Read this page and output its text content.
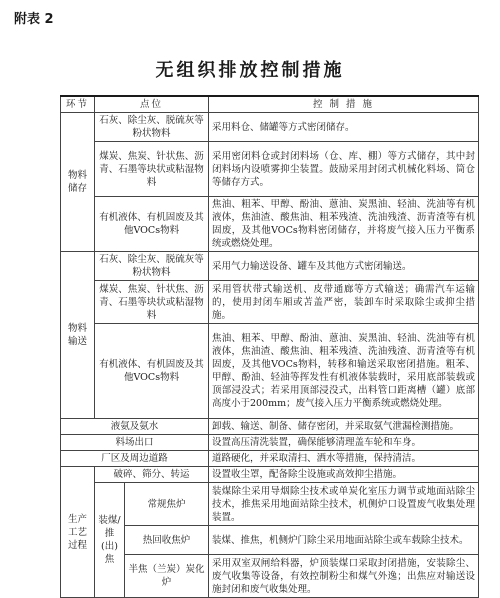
附表 2
无组织排放控制措施
环节	点位		控 制 措 施
物料储存	石灰、除尘灰、脱硫灰等粉状物料		采用料仓、储罐等方式密闭储存。
	煤炭、焦炭、针状焦、沥青、石墨等块状或粘湿物料		采用密闭料仓或封闭料场（仓、库、棚）等方式储存，其中封闭料场内设喷雾抑尘装置。鼓励采用封闭式机械化料场、筒仓等储存方式。
	有机液体、有机固废及其他VOCs物料		焦油、粗苯、甲醇、酚油、蒽油、炭黑油、轻油、洗油等有机液体，焦油渣、酸焦油、粗苯残渣、洗油残渣、沥青渣等有机固废，及其他VOCs物料密闭储存，并将废气接入压力平衡系统或燃烧处理。
物料输送	石灰、除尘灰、脱硫灰等粉状物料		采用气力输送设备、罐车及其他方式密闭输送。
	煤炭、焦炭、针状焦、沥青、石墨等块状或粘湿物料		采用管状带式输送机、皮带通廊等方式输送；确需汽车运输的，使用封闭车厢或苫盖严密，装卸车时采取除尘或抑尘措施。
	有机液体、有机固废及其他VOCs物料		焦油、粗苯、甲醇、酚油、蒽油、炭黑油、轻油、洗油等有机液体，焦油渣、酸焦油、粗苯残渣、洗油残渣、沥青渣等有机固废，及其他VOCs物料，转移和输送采取密闭措施。粗苯、甲醇、酚油、轻油等挥发性有机液体装载时，采用底部装载或顶部浸没式；若采用顶部浸没式，出料管口距离槽（罐）底部高度小于200mm；废气接入压力平衡系统或燃烧处理。
液氨及氨水			卸载、输送、制备、储存密闭，并采取氨气泄漏检测措施。
料场出口			设置高压清洗装置，确保能够清理盖车轮和车身。
厂区及周边道路			道路硬化，并采取清扫、洒水等措施，保持清洁。
生产工艺过程	破碎、筛分、转运		设置收尘罩，配备除尘设施或高效抑尘措施。
	装煤/推(出)焦	常规焦炉	装煤除尘采用导烟除尘技术或单炭化室压力调节或地面站除尘技术，推焦采用地面站除尘技术，机侧炉口设置废气收集处理装置。
		热回收焦炉	装煤、推焦，机侧炉门除尘采用地面站除尘或车载除尘技术。
		半焦（兰炭）炭化炉	采用双室双闸给料器，炉顶装煤口采取封闭措施，安装除尘、废气收集等设备，有效控制粉尘和煤气外逸；出焦应对输送设施封闭和废气收集处理。
